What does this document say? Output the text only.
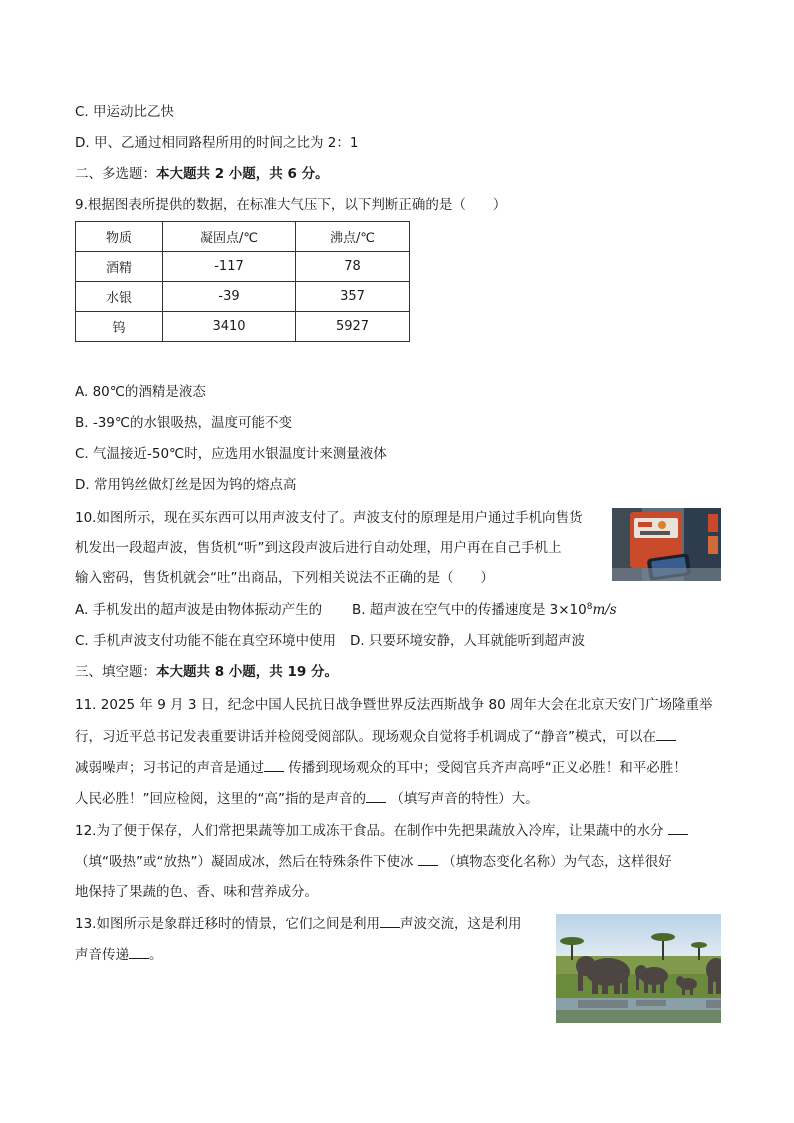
C. 甲运动比乙快
D. 甲、乙通过相同路程所用的时间之比为 2：1
二、多选题：本大题共 2 小题，共 6 分。
9.根据图表所提供的数据，在标准大气压下，以下判断正确的是（　　）
物质	凝固点/℃	沸点/℃
酒精	-117	78
水银	-39	357
钨	3410	5927
A. 80℃的酒精是液态
B. -39℃的水银吸热，温度可能不变
C. 气温接近-50℃时，应选用水银温度计来测量液体
D. 常用钨丝做灯丝是因为钨的熔点高
10.如图所示，现在买东西可以用声波支付了。声波支付的原理是用户通过手机向售货
机发出一段超声波，售货机“听”到这段声波后进行自动处理，用户再在自己手机上
输入密码，售货机就会“吐”出商品，下列相关说法不正确的是（　　）
A. 手机发出的超声波是由物体振动产生的 B. 超声波在空气中的传播速度是 $3\times 10^8m/s$
C. 手机声波支付功能不能在真空环境中使用 D. 只要环境安静，人耳就能听到超声波
三、填空题：本大题共 8 小题，共 19 分。
11. 2025 年 9 月 3 日，纪念中国人民抗日战争暨世界反法西斯战争 80 周年大会在北京天安门广场隆重举
行，习近平总书记发表重要讲话并检阅受阅部队。现场观众自觉将手机调成了“静音”模式，可以在
减弱噪声；习书记的声音是通过 传播到现场观众的耳中；受阅官兵齐声高呼“正义必胜！和平必胜！
人民必胜！”回应检阅，这里的“高”指的是声音的 （填写声音的特性）大。
12.为了便于保存，人们常把果蔬等加工成冻干食品。在制作中先把果蔬放入冷库，让果蔬中的水分
（填“吸热”或“放热”）凝固成冰，然后在特殊条件下使冰  （填物态变化名称）为气态，这样很好
地保持了果蔬的色、香、味和营养成分。
13.如图所示是象群迁移时的情景，它们之间是利用 声波交流，这是利用
声音传递 。
